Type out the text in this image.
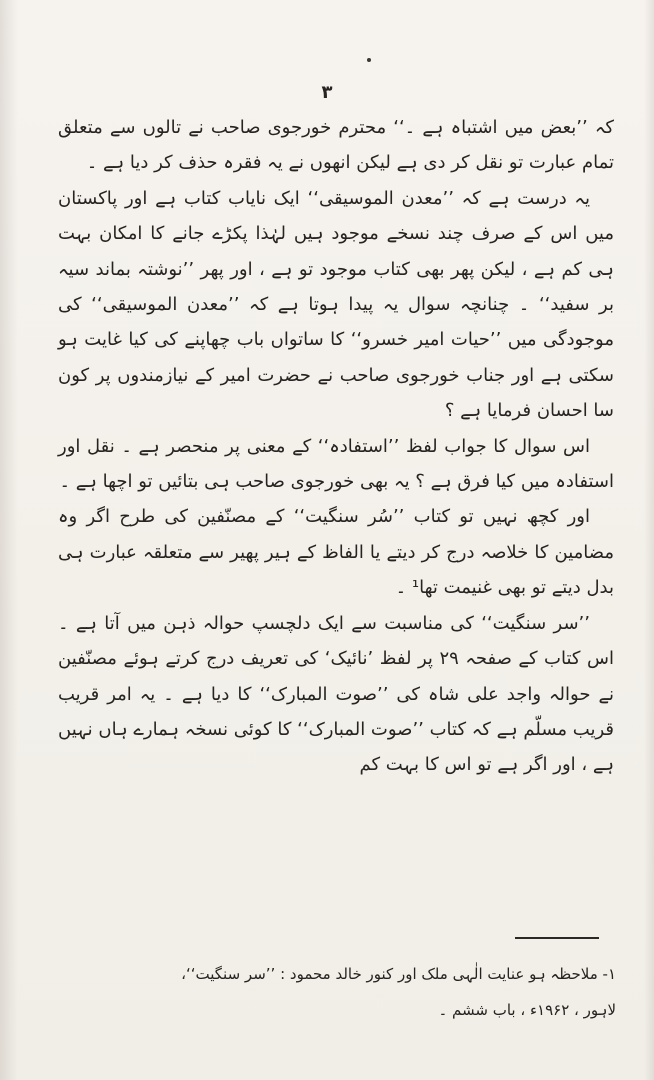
٣

کہ ’’بعض میں اشتباہ ہے ۔‘‘ محترم خورجوی صاحب نے تالوں سے متعلق تمام عبارت تو نقل کر دی ہے لیکن انھوں نے یہ فقرہ حذف کر دیا ہے ۔

یہ درست ہے کہ ’’معدن الموسیقی‘‘ ایک نایاب کتاب ہے اور پاکستان میں اس کے صرف چند نسخے موجود ہیں لہٰذا پکڑے جانے کا امکان بہت ہی کم ہے ، لیکن پھر بھی کتاب موجود تو ہے ، اور پھر ’’نوشتہ بماند سیہ بر سفید‘‘ ۔ چنانچہ سوال یہ پیدا ہوتا ہے کہ ’’معدن الموسیقی‘‘ کی موجودگی میں ’’حیات امیر خسرو‘‘ کا ساتواں باب چھاپنے کی کیا غایت ہو سکتی ہے اور جناب خورجوی صاحب نے حضرت امیر کے نیازمندوں پر کون سا احسان فرمایا ہے ؟

اس سوال کا جواب لفظ ’’استفادہ‘‘ کے معنی پر منحصر ہے ۔ نقل اور استفادہ میں کیا فرق ہے ؟ یہ بھی خورجوی صاحب ہی بتائیں تو اچھا ہے ۔

اور کچھ نہیں تو کتاب ’’سُر سنگیت‘‘ کے مصنّفین کی طرح اگر وہ مضامین کا خلاصہ درج کر دیتے یا الفاظ کے ہیر پھیر سے متعلقہ عبارت ہی بدل دیتے تو بھی غنیمت تھا¹ ۔

’’سر سنگیت‘‘ کی مناسبت سے ایک دلچسپ حوالہ ذہن میں آتا ہے ۔ اس کتاب کے صفحہ ۲۹ پر لفظ ’نائیک‘ کی تعریف درج کرتے ہوئے مصنّفین نے حوالہ واجد علی شاہ کی ’’صوت المبارک‘‘ کا دیا ہے ۔ یہ امر قریب قریب مسلّم ہے کہ کتاب ’’صوت المبارک‘‘ کا کوئی نسخہ ہمارے ہاں نہیں ہے ، اور اگر ہے تو اس کا بہت کم

۱- ملاحظہ ہو عنایت الٰہی ملک اور کنور خالد محمود : ’’سر سنگیت‘‘،
لاہور ، ۱۹۶۲ء ، باب ششم ۔
